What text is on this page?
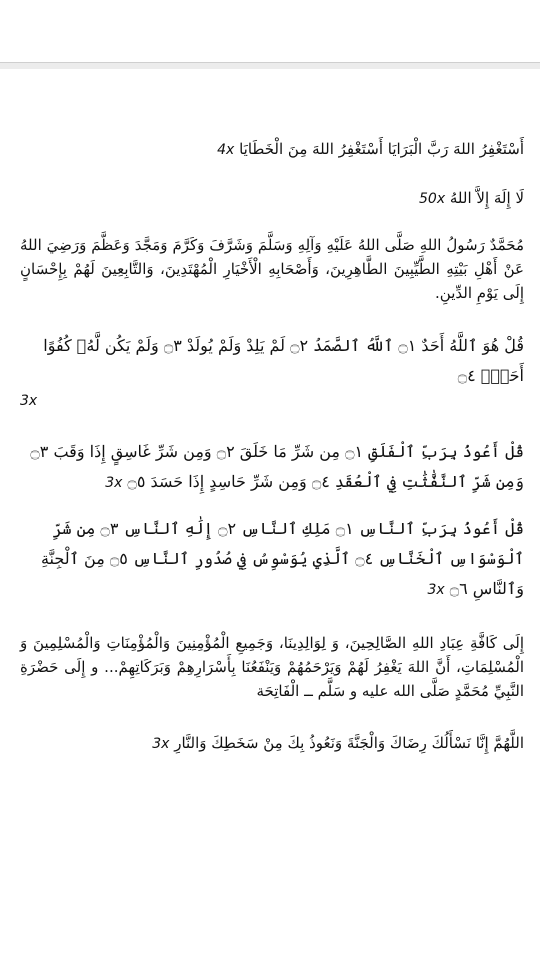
أَسْتَغْفِرُ اللهَ رَبَّ الْبَرَايَا أَسْتَغْفِرُ اللهَ مِنَ الْخَطَايَا 4x

لَا إِلَهَ إِلاَّ اللهُ 50x

مُحَمَّدٌ رَسُولُ اللهِ صَلَّى اللهُ عَلَيْهِ وَآلِهِ وَسَلَّمَ وَشَرَّفَ وَكَرَّمَ وَمَجَّدَ وَعَظَّمَ وَرَضِيَ اللهُ عَنْ أَهْلِ بَيْتِهِ الطَّيِّبِينَ الطَّاهِرِينَ، وَأَصْحَابِهِ الْأَخْيَارِ الْمُهْتَدِينَ، وَالتَّابِعِينَ لَهُمْ بِإِحْسَانٍ إِلَى يَوْمِ الدِّينِ.

قُلْ هُوَ ٱللَّهُ أَحَدٌ ۝١ ٱللَّهُ ٱلصَّمَدُ ۝٢ لَمْ يَلِدْ وَلَمْ يُولَدْ ۝٣ وَلَمْ يَكُن لَّهُۥ كُفُوًا أَحَدٌۢ ۝٤

3x

قُلْ أَعُوذُ بِرَبِّ ٱلْفَلَقِ ۝١ مِن شَرِّ مَا خَلَقَ ۝٢ وَمِن شَرِّ غَاسِقٍ إِذَا وَقَبَ ۝٣ وَمِن شَرِّ ٱلنَّفَّٰثَٰتِ فِي ٱلْعُقَدِ ۝٤ وَمِن شَرِّ حَاسِدٍ إِذَا حَسَدَ ۝٥ 3x

قُلْ أَعُوذُ بِرَبِّ ٱلنَّاسِ ۝١ مَلِكِ ٱلنَّاسِ ۝٢ إِلَٰهِ ٱلنَّاسِ ۝٣ مِن شَرِّ ٱلْوَسْوَاسِ ٱلْخَنَّاسِ ۝٤ ٱلَّذِي يُوَسْوِسُ فِي صُدُورِ ٱلنَّاسِ ۝٥ مِنَ ٱلْجِنَّةِ وَٱلنَّاسِ ۝٦ 3x

إِلَى كَافَّةِ عِبَادِ اللهِ الصَّالِحِينَ، وَ لِوَالِدِينَا، وَجَمِيعِ الْمُؤْمِنِينَ وَالْمُؤْمِنَاتِ وَالْمُسْلِمِينَ وَ الْمُسْلِمَاتِ، أَنَّ اللهَ يَغْفِرُ لَهُمْ وَيَرْحَمُهُمْ وَيَنْفَعُنَا بِأَسْرَارِهِمْ وَبَرَكَاتِهِمْ... و إِلَى حَضْرَةِ النَّبِيِّ مُحَمَّدٍ صَلَّى الله عليه و سَلَّم ــ الْفَاتِحَة

اللَّهُمَّ إِنَّا نَسْأَلُكَ رِضَاكَ وَالْجَنَّةَ وَنَعُوذُ بِكَ مِنْ سَخَطِكَ وَالنَّارِ 3x
